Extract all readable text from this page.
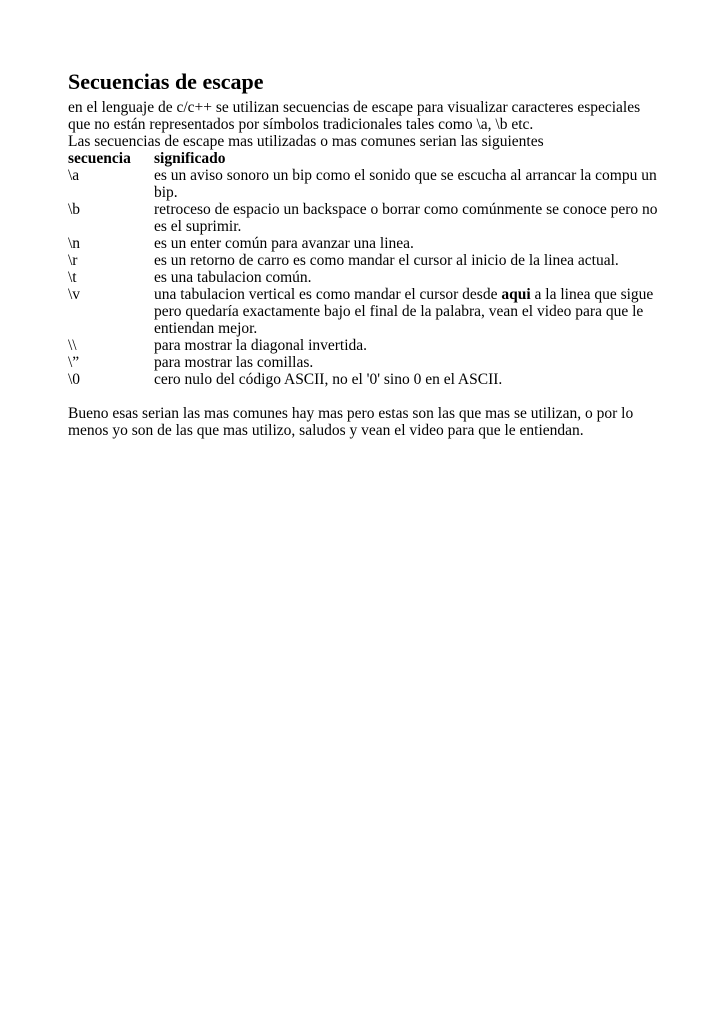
Secuencias de escape

en el lenguaje de c/c++ se utilizan secuencias de escape para visualizar caracteres especiales que no están representados por símbolos tradicionales tales como \a, \b etc.

Las secuencias de escape mas utilizadas o mas comunes serian las siguientes

secuencia	significado
\a	es un aviso sonoro un bip como el sonido que se escucha al arrancar la compu un bip.
\b	retroceso de espacio un backspace o borrar como comúnmente se conoce pero no es el suprimir.
\n	es un enter común para avanzar una linea.
\r	es un retorno de carro es como mandar el cursor al inicio de la linea actual.
\t	es una tabulacion común.
\v	una tabulacion vertical es como mandar el cursor desde aqui a la linea que sigue pero quedaría exactamente bajo el final de la palabra, vean el video para que le entiendan mejor.
\\	para mostrar la diagonal invertida.
\”	para mostrar las comillas.
\0	cero nulo del código ASCII, no el '0' sino 0 en el ASCII.

Bueno esas serian las mas comunes hay mas pero estas son las que mas se utilizan, o por lo menos yo son de las que mas utilizo, saludos y vean el video para que le entiendan.
